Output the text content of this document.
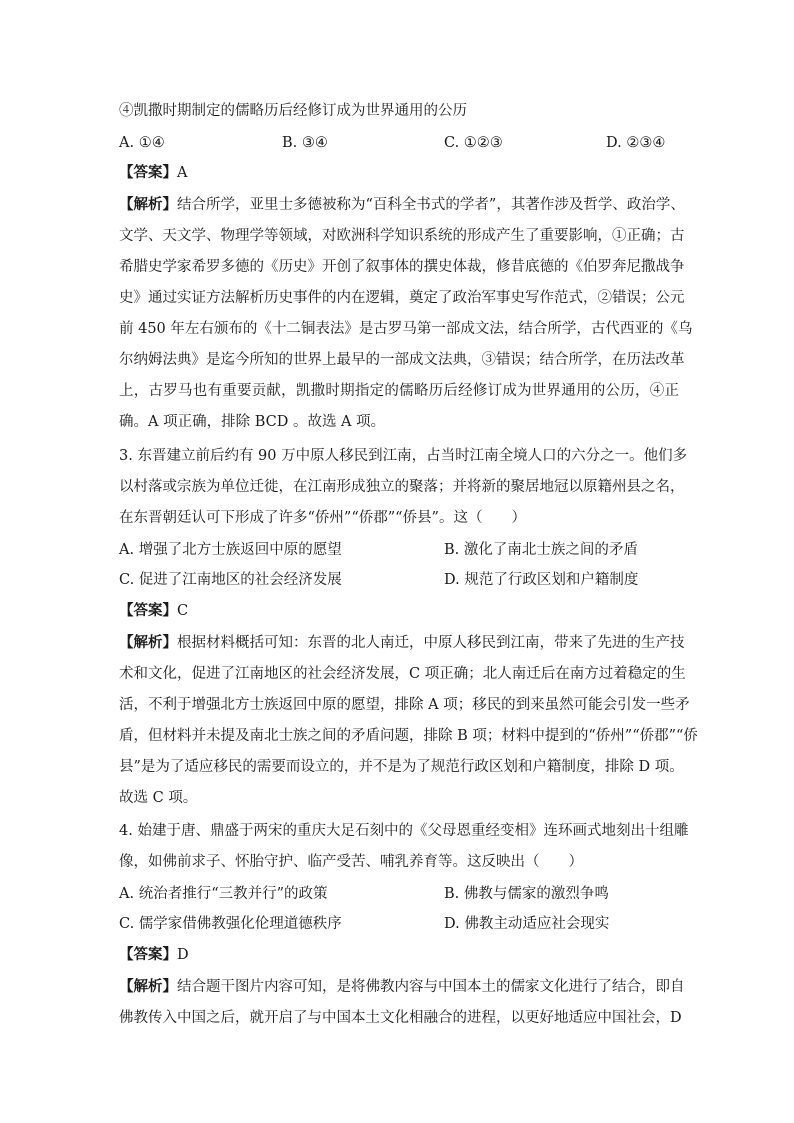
④凯撒时期制定的儒略历后经修订成为世界通用的公历
A. ①④	B. ③④	C. ①②③	D. ②③④
【答案】A
【解析】结合所学，亚里士多德被称为“百科全书式的学者”，其著作涉及哲学、政治学、
文学、天文学、物理学等领域，对欧洲科学知识系统的形成产生了重要影响，①正确；古
希腊史学家希罗多德的《历史》开创了叙事体的撰史体裁，修昔底德的《伯罗奔尼撒战争
史》通过实证方法解析历史事件的内在逻辑，奠定了政治军事史写作范式，②错误；公元
前 450 年左右颁布的《十二铜表法》是古罗马第一部成文法，结合所学，古代西亚的《乌
尔纳姆法典》是迄今所知的世界上最早的一部成文法典，③错误；结合所学，在历法改革
上，古罗马也有重要贡献，凯撒时期指定的儒略历后经修订成为世界通用的公历，④正
确。A 项正确，排除 BCD 。故选 A 项。
3. 东晋建立前后约有 90 万中原人移民到江南，占当时江南全境人口的六分之一。他们多
以村落或宗族为单位迁徙，在江南形成独立的聚落；并将新的聚居地冠以原籍州县之名，
在东晋朝廷认可下形成了许多“侨州”“侨郡”“侨县”。这（　　）
A. 增强了北方士族返回中原的愿望	B. 激化了南北士族之间的矛盾
C. 促进了江南地区的社会经济发展	D. 规范了行政区划和户籍制度
【答案】C
【解析】根据材料概括可知：东晋的北人南迁，中原人移民到江南，带来了先进的生产技
术和文化，促进了江南地区的社会经济发展，C 项正确；北人南迁后在南方过着稳定的生
活，不利于增强北方士族返回中原的愿望，排除 A 项；移民的到来虽然可能会引发一些矛
盾，但材料并未提及南北士族之间的矛盾问题，排除 B 项；材料中提到的“侨州”“侨郡”“侨
县”是为了适应移民的需要而设立的，并不是为了规范行政区划和户籍制度，排除 D 项。
故选 C 项。
4. 始建于唐、鼎盛于两宋的重庆大足石刻中的《父母恩重经变相》连环画式地刻出十组雕
像，如佛前求子、怀胎守护、临产受苦、哺乳养育等。这反映出（　　）
A. 统治者推行“三教并行”的政策	B. 佛教与儒家的激烈争鸣
C. 儒学家借佛教强化伦理道德秩序	D. 佛教主动适应社会现实
【答案】D
【解析】结合题干图片内容可知，是将佛教内容与中国本土的儒家文化进行了结合，即自
佛教传入中国之后，就开启了与中国本土文化相融合的进程，以更好地适应中国社会，D
